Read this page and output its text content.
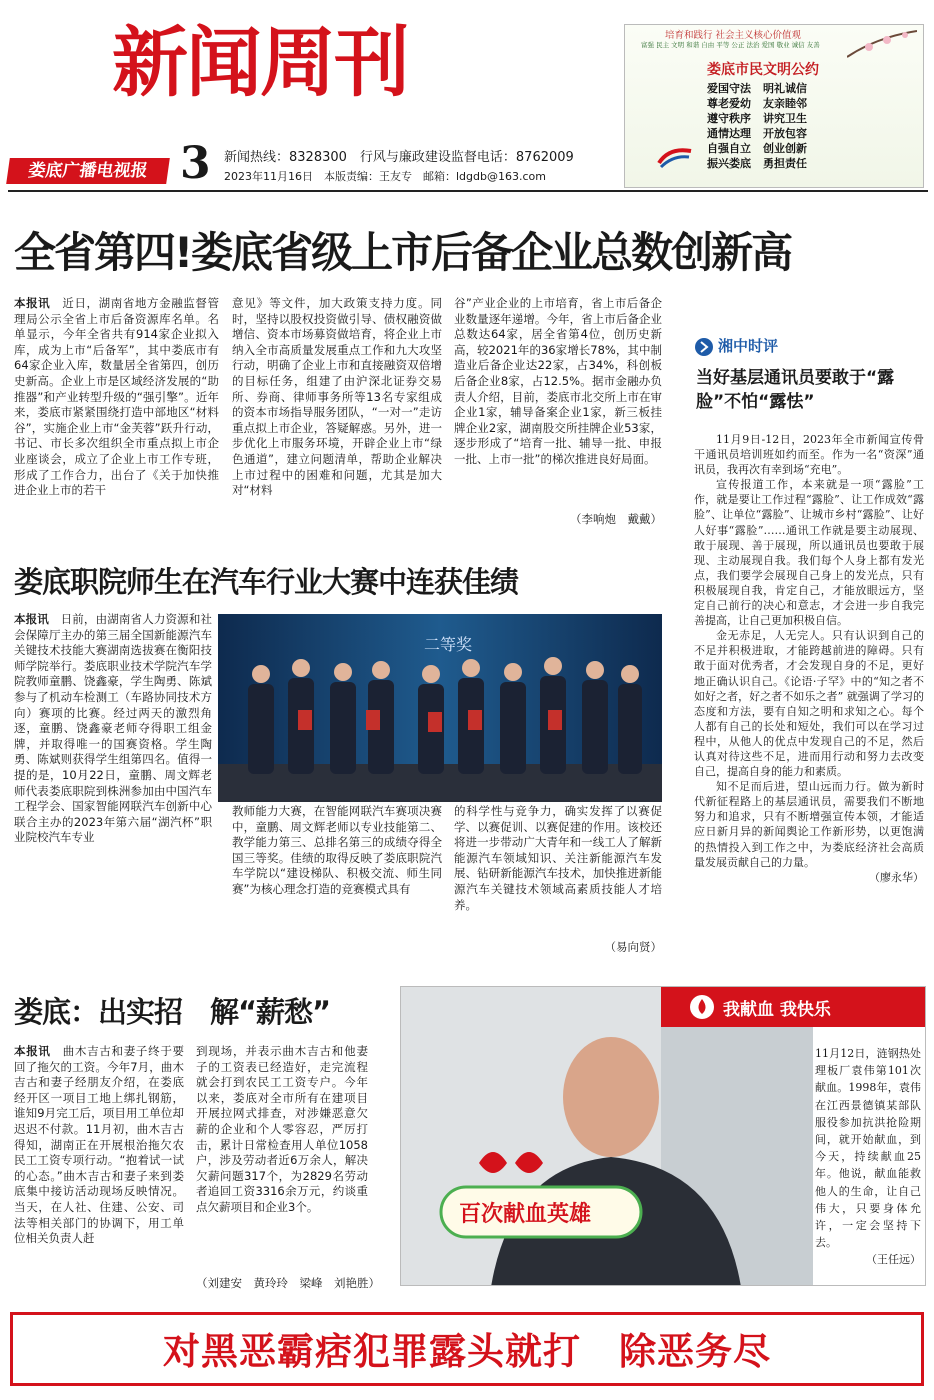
新闻周刊
娄底广播电视报 3 新闻热线：8328300　行风与廉政建设监督电话：8762009
2023年11月16日　本版责编：王友专　邮箱：ldgdb@163.com
培育和践行 社会主义核心价值观
富强 民主 文明 和谐 自由 平等 公正 法治 爱国 敬业 诚信 友善
娄底市民文明公约
爱国守法 明礼诚信
尊老爱幼 友亲睦邻
遵守秩序 讲究卫生
通情达理 开放包容
自强自立 创业创新
振兴娄底 勇担责任
全省第四!娄底省级上市后备企业总数创新高
本报讯　 近日，湖南省地方金融监督管理局公示全省上市后备资源库名单。名单显示，今年全省共有914家企业拟入库，成为上市“后备军”，其中娄底市有64家企业入库，数量居全省第四，创历史新高。企业上市是区域经济发展的“助推器”和产业转型升级的“强引擎”。近年来，娄底市紧紧围绕打造中部地区“材料谷”，实施企业上市“金芙蓉”跃升行动，书记、市长多次组织全市重点拟上市企业座谈会，成立了企业上市工作专班，形成了工作合力，出台了《关于加快推进企业上市的若干
意见》等文件，加大政策支持力度。同时，坚持以股权投资做引导、债权融资做增信、资本市场募资做培育，将企业上市纳入全市高质量发展重点工作和九大攻坚行动，明确了企业上市和直接融资双倍增的目标任务，组建了由沪深北证券交易所、券商、律师事务所等13名专家组成的资本市场指导服务团队，“一对一”走访重点拟上市企业，答疑解惑。另外，进一步优化上市服务环境，开辟企业上市“绿色通道”，建立问题清单，帮助企业解决上市过程中的困难和问题，尤其是加大对“材料
谷”产业企业的上市培育，省上市后备企业数量逐年递增。今年，省上市后备企业总数达64家，居全省第4位，创历史新高，较2021年的36家增长78%，其中制造业后备企业达22家，占34%，科创板后备企业8家，占12.5%。据市金融办负责人介绍，目前，娄底市北交所上市在审企业1家，辅导备案企业1家，新三板挂牌企业2家，湖南股交所挂牌企业53家，逐步形成了“培育一批、辅导一批、申报一批、上市一批”的梯次推进良好局面。
（李响炮　戴戴）
湘中时评
当好基层通讯员要敢于“露脸”不怕“露怯”

11月9日-12日，2023年全市新闻宣传骨干通讯员培训班如约而至。作为一名“资深”通讯员，我再次有幸到场“充电”。

宣传报道工作，本来就是一项“露脸”工作，就是要让工作过程“露脸”、让工作成效“露脸”、让单位“露脸”、让城市乡村“露脸”、让好人好事“露脸”……通讯工作就是要主动展现、敢于展现、善于展现，所以通讯员也要敢于展现、主动展现自我。我们每个人身上都有发光点，我们要学会展现自己身上的发光点，只有积极展现自我，肯定自己，才能放眼远方，坚定自己前行的决心和意志，才会进一步自我完善提高，让自己更加积极自信。

金无赤足，人无完人。只有认识到自己的不足并积极进取，才能跨越前进的障碍。只有敢于面对优秀者，才会发现自身的不足，更好地正确认识自己。《论语·子罕》中的“知之者不如好之者，好之者不如乐之者” 就强调了学习的态度和方法，要有自知之明和求知之心。每个人都有自己的长处和短处，我们可以在学习过程中，从他人的优点中发现自己的不足，然后认真对待这些不足，进而用行动和努力去改变自己，提高自身的能力和素质。

知不足而后进，望山远而力行。做为新时代新征程路上的基层通讯员，需要我们不断地努力和追求，只有不断增强宣传本领，才能适应日新月异的新闻舆论工作新形势，以更饱满的热情投入到工作之中，为娄底经济社会高质量发展贡献自己的力量。

（廖永华）
娄底职院师生在汽车行业大赛中连获佳绩
本报讯　 日前，由湖南省人力资源和社会保障厅主办的第三届全国新能源汽车关键技术技能大赛湖南选拔赛在衡阳技师学院举行。娄底职业技术学院汽车学院教师童鹏、饶鑫豪，学生陶勇、陈斌参与了机动车检测工（车路协同技术方向）赛项的比赛。经过两天的激烈角逐，童鹏、饶鑫豪老师夺得职工组金牌，并取得唯一的国赛资格。学生陶勇、陈斌则获得学生组第四名。值得一提的是，10月22日，童鹏、周文辉老师代表娄底职院到株洲参加由中国汽车工程学会、国家智能网联汽车创新中心联合主办的2023年第六届“湖汽杯”职业院校汽车专业
二等奖
教师能力大赛，在智能网联汽车赛项决赛中，童鹏、周文辉老师以专业技能第二、教学能力第三、总排名第三的成绩夺得全国三等奖。佳绩的取得反映了娄底职院汽车学院以“建设梯队、积极交流、师生同赛”为核心理念打造的竞赛模式具有
的科学性与竞争力，确实发挥了以赛促学、以赛促训、以赛促建的作用。该校还将进一步带动广大青年和一线工人了解新能源汽车领域知识、关注新能源汽车发展、钻研新能源汽车技术，加快推进新能源汽车关键技术领域高素质技能人才培养。
（易向贤）
娄底：出实招　解“薪愁”
本报讯　 曲木吉古和妻子终于要回了拖欠的工资。今年7月，曲木吉古和妻子经朋友介绍，在娄底经开区一项目工地上绑扎钢筋，谁知9月完工后，项目用工单位却迟迟不付款。11月初，曲木吉古得知，湖南正在开展根治拖欠农民工工资专项行动。“抱着试一试的心态。”曲木吉古和妻子来到娄底集中接访活动现场反映情况。当天，在人社、住建、公安、司法等相关部门的协调下，用工单位相关负责人赶
到现场，并表示曲木吉古和他妻子的工资表已经造好，走完流程就会打到农民工工资专户。今年以来，娄底对全市所有在建项目开展拉网式排查，对涉嫌恶意欠薪的企业和个人零容忍，严厉打击，累计日常检查用人单位1058户，涉及劳动者近6万余人，解决欠薪问题317个，为2829名劳动者追回工资3316余万元，约谈重点欠薪项目和企业3个。
（刘建安　黄玲玲　梁峰　刘艳胜）
百次献血英雄
我献血 我快乐
11月12日，涟钢热处理板厂袁伟第101次献血。1998年，袁伟在江西景德镇某部队服役参加抗洪抢险期间，就开始献血，到今天，持续献血25年。他说，献血能救他人的生命，让自己伟大，只要身体允许，一定会坚持下去。
（王任远）
对黑恶霸痞犯罪露头就打　除恶务尽
